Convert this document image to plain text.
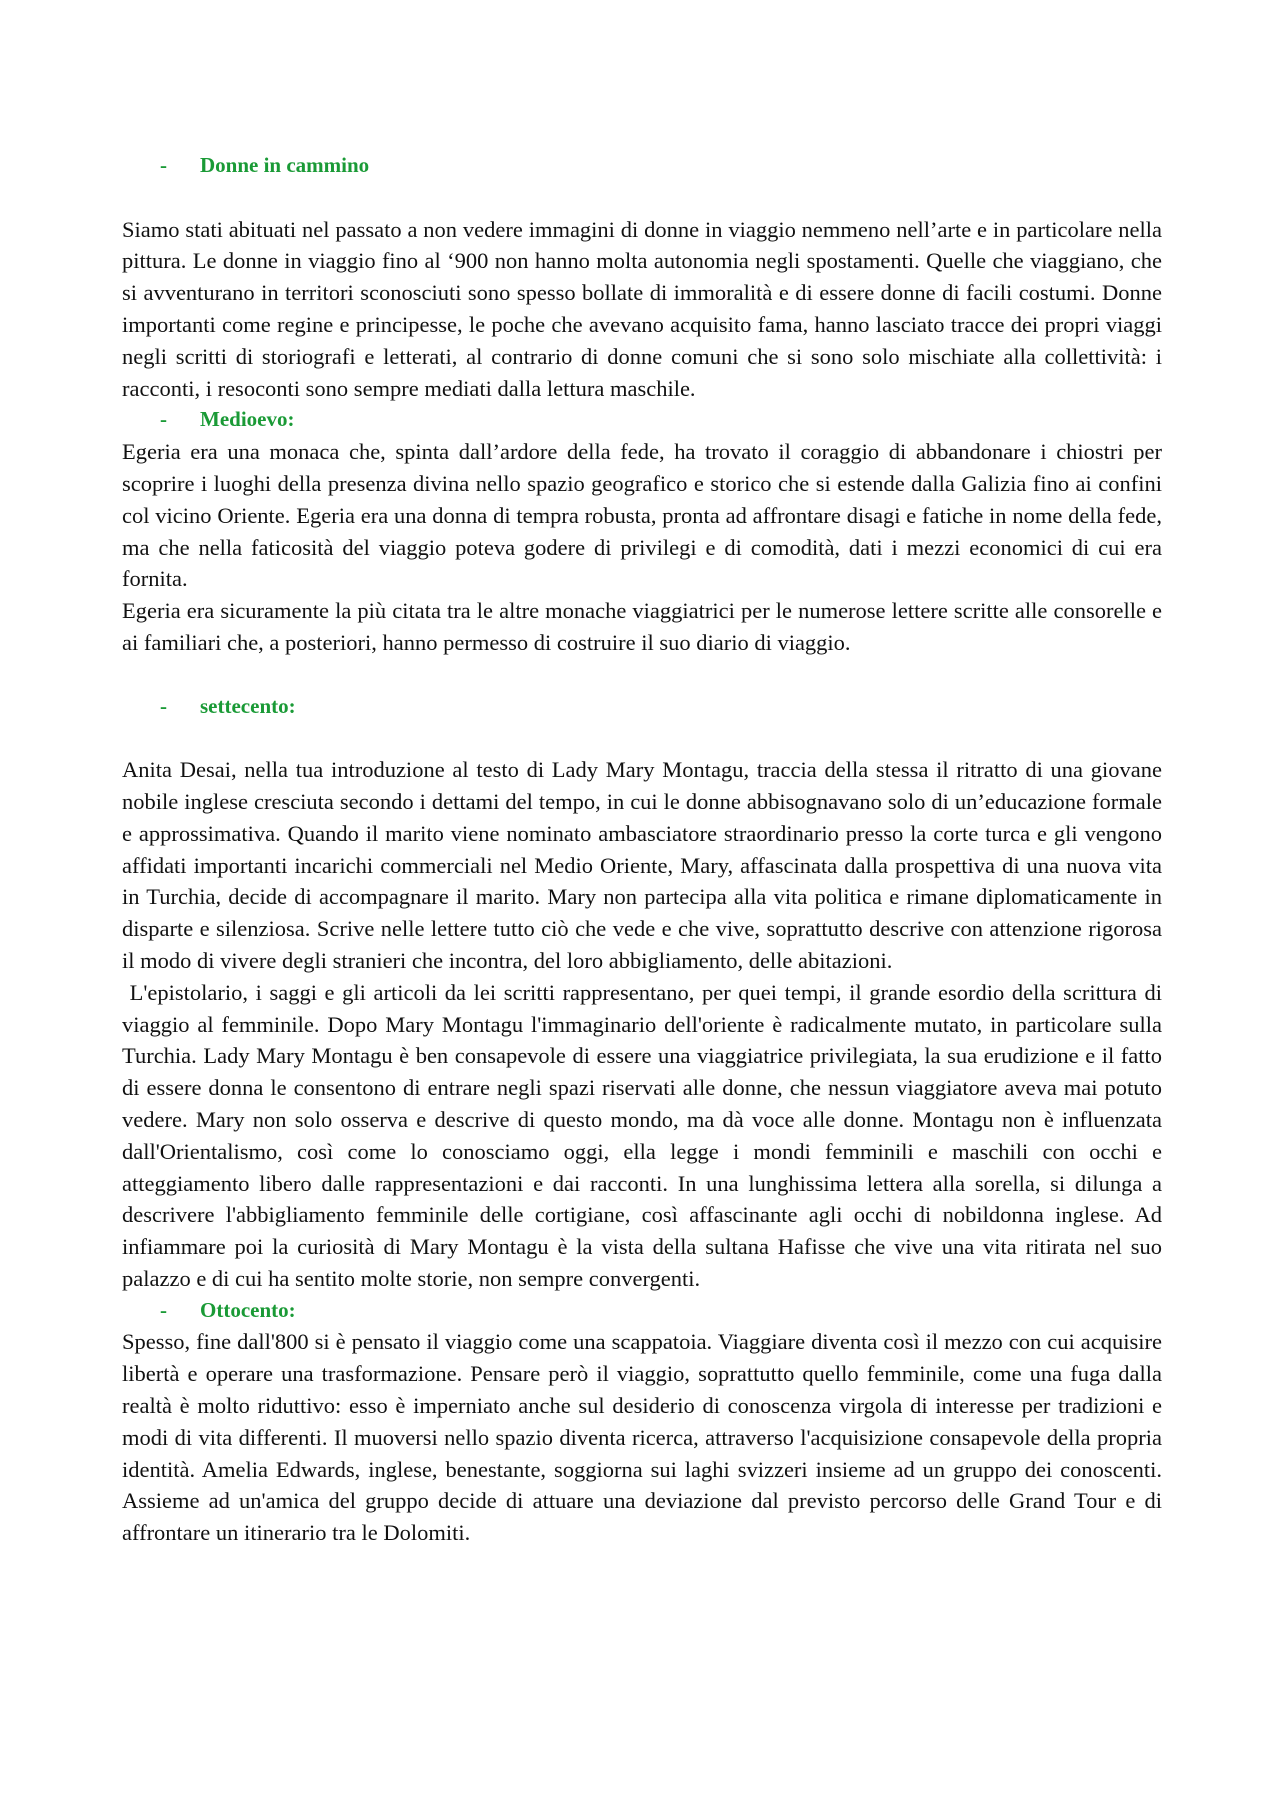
- Donne in cammino

Siamo stati abituati nel passato a non vedere immagini di donne in viaggio nemmeno nell’arte e in particolare nella pittura. Le donne in viaggio fino al ‘900 non hanno molta autonomia negli spostamenti. Quelle che viaggiano, che si avventurano in territori sconosciuti sono spesso bollate di immoralità e di essere donne di facili costumi. Donne importanti come regine e principesse, le poche che avevano acquisito fama, hanno lasciato tracce dei propri viaggi negli scritti di storiografi e letterati, al contrario di donne comuni che si sono solo mischiate alla collettività: i racconti, i resoconti sono sempre mediati dalla lettura maschile.

- Medioevo:

Egeria era una monaca che, spinta dall’ardore della fede, ha trovato il coraggio di abbandonare i chiostri per scoprire i luoghi della presenza divina nello spazio geografico e storico che si estende dalla Galizia fino ai confini col vicino Oriente. Egeria era una donna di tempra robusta, pronta ad affrontare disagi e fatiche in nome della fede, ma che nella faticosità del viaggio poteva godere di privilegi e di comodità, dati i mezzi economici di cui era fornita.

Egeria era sicuramente la più citata tra le altre monache viaggiatrici per le numerose lettere scritte alle consorelle e ai familiari che, a posteriori, hanno permesso di costruire il suo diario di viaggio.

- settecento:

Anita Desai, nella tua introduzione al testo di Lady Mary Montagu, traccia della stessa il ritratto di una giovane nobile inglese cresciuta secondo i dettami del tempo, in cui le donne abbisognavano solo di un’educazione formale e approssimativa. Quando il marito viene nominato ambasciatore straordinario presso la corte turca e gli vengono affidati importanti incarichi commerciali nel Medio Oriente, Mary, affascinata dalla prospettiva di una nuova vita in Turchia, decide di accompagnare il marito. Mary non partecipa alla vita politica e rimane diplomaticamente in disparte e silenziosa. Scrive nelle lettere tutto ciò che vede e che vive, soprattutto descrive con attenzione rigorosa il modo di vivere degli stranieri che incontra, del loro abbigliamento, delle abitazioni.

L'epistolario, i saggi e gli articoli da lei scritti rappresentano, per quei tempi, il grande esordio della scrittura di viaggio al femminile. Dopo Mary Montagu l'immaginario dell'oriente è radicalmente mutato, in particolare sulla Turchia. Lady Mary Montagu è ben consapevole di essere una viaggiatrice privilegiata, la sua erudizione e il fatto di essere donna le consentono di entrare negli spazi riservati alle donne, che nessun viaggiatore aveva mai potuto vedere. Mary non solo osserva e descrive di questo mondo, ma dà voce alle donne. Montagu non è influenzata dall'Orientalismo, così come lo conosciamo oggi, ella legge i mondi femminili e maschili con occhi e atteggiamento libero dalle rappresentazioni e dai racconti. In una lunghissima lettera alla sorella, si dilunga a descrivere l'abbigliamento femminile delle cortigiane, così affascinante agli occhi di nobildonna inglese. Ad infiammare poi la curiosità di Mary Montagu è la vista della sultana Hafisse che vive una vita ritirata nel suo palazzo e di cui ha sentito molte storie, non sempre convergenti.

- Ottocento:

Spesso, fine dall'800 si è pensato il viaggio come una scappatoia. Viaggiare diventa così il mezzo con cui acquisire libertà e operare una trasformazione. Pensare però il viaggio, soprattutto quello femminile, come una fuga dalla realtà è molto riduttivo: esso è imperniato anche sul desiderio di conoscenza virgola di interesse per tradizioni e modi di vita differenti. Il muoversi nello spazio diventa ricerca, attraverso l'acquisizione consapevole della propria identità. Amelia Edwards, inglese, benestante, soggiorna sui laghi svizzeri insieme ad un gruppo dei conoscenti. Assieme ad un'amica del gruppo decide di attuare una deviazione dal previsto percorso delle Grand Tour e di affrontare un itinerario tra le Dolomiti.
